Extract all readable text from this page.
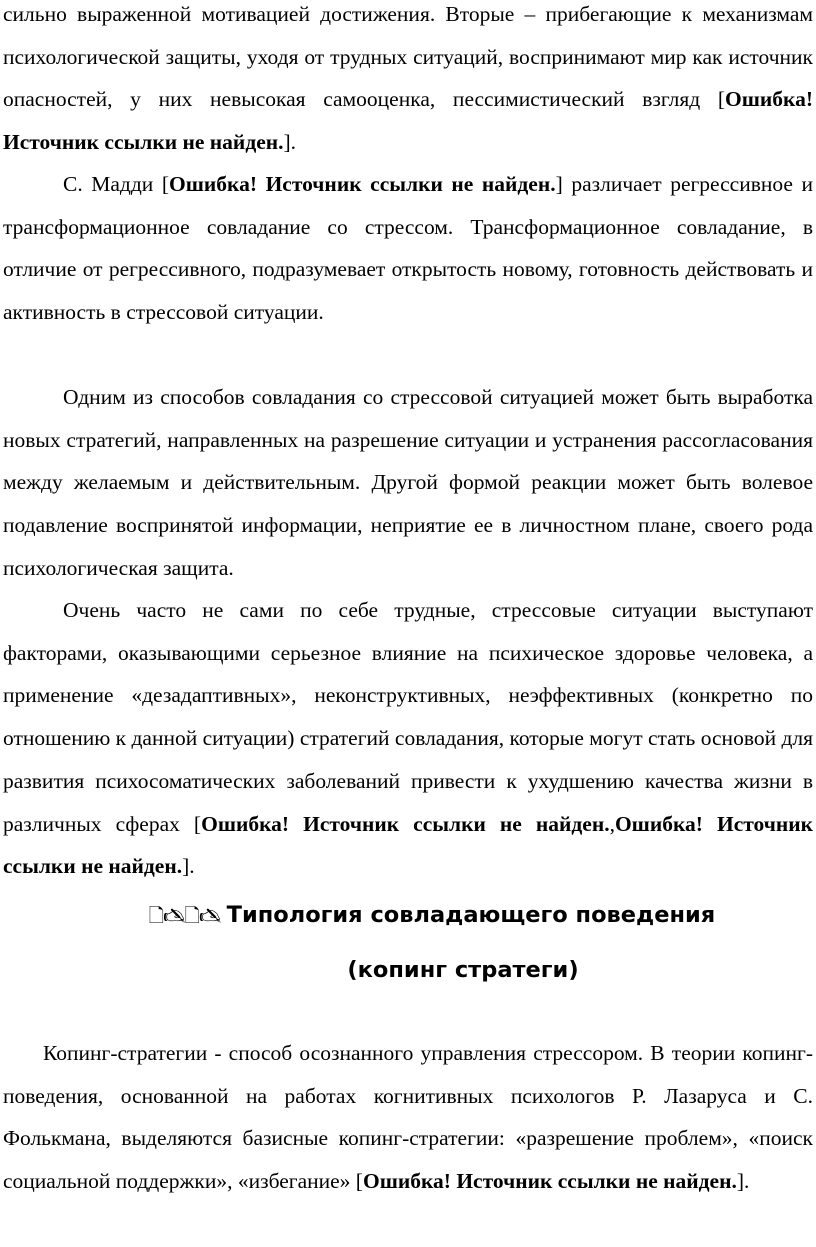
сильно выраженной мотивацией достижения. Вторые – прибегающие к механизмам психологической защиты, уходя от трудных ситуаций, воспринимают мир как источник опасностей, у них невысокая самооценка, пессимистический взгляд [Ошибка! Источник ссылки не найден.].

С. Мадди [Ошибка! Источник ссылки не найден.] различает регрессивное и трансформационное совладание со стрессом. Трансформационное совладание, в отличие от регрессивного, подразумевает открытость новому, готовность действовать и активность в стрессовой ситуации.

Одним из способов совладания со стрессовой ситуацией может быть выработка новых стратегий, направленных на разрешение ситуации и устранения рассогласования между желаемым и действительным. Другой формой реакции может быть волевое подавление воспринятой информации, неприятие ее в личностном плане, своего рода психологическая защита.

Очень часто не сами по себе трудные, стрессовые ситуации выступают факторами, оказывающими серьезное влияние на психическое здоровье человека, а применение «дезадаптивных», неконструктивных, неэффективных (конкретно по отношению к данной ситуации) стратегий совладания, которые могут стать основой для развития психосоматических заболеваний привести к ухудшению качества жизни в различных сферах [Ошибка! Источник ссылки не найден.,Ошибка! Источник ссылки не найден.].

🗋🖎🗋🖎 Типология совладающего поведения
(копинг стратеги)

Копинг-стратегии - способ осознанного управления стрессором. В теории копинг-поведения, основанной на работах когнитивных психологов Р. Лазаруса и С. Фолькмана, выделяются базисные копинг-стратегии: «разрешение проблем», «поиск социальной поддержки», «избегание» [Ошибка! Источник ссылки не найден.].
